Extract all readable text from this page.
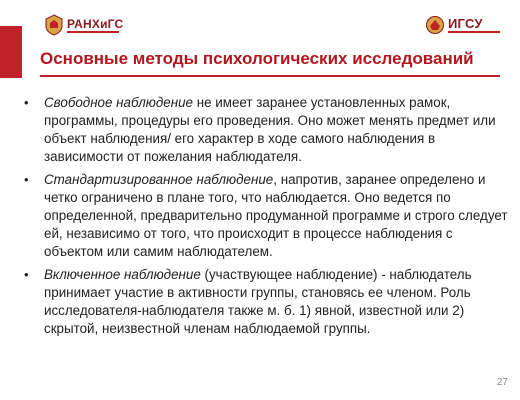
РАНХиГС	ИГСУ
Основные методы психологических исследований
• Свободное наблюдение не имеет заранее установленных рамок, программы, процедуры его проведения. Оно может менять предмет или объект наблюдения/ его характер в ходе самого наблюдения в зависимости от пожелания наблюдателя.
• Стандартизированное наблюдение, напротив, заранее определено и четко ограничено в плане того, что наблюдается. Оно ведется по определенной, предварительно продуманной программе и строго следует ей, независимо от того, что происходит в процессе наблюдения с объектом или самим наблюдателем.
• Включенное наблюдение (участвующее наблюдение) - наблюдатель принимает участие в активности группы, становясь ее членом. Роль исследователя-наблюдателя также м. б. 1) явной, известной или 2) скрытой, неизвестной членам наблюдаемой группы.
27
